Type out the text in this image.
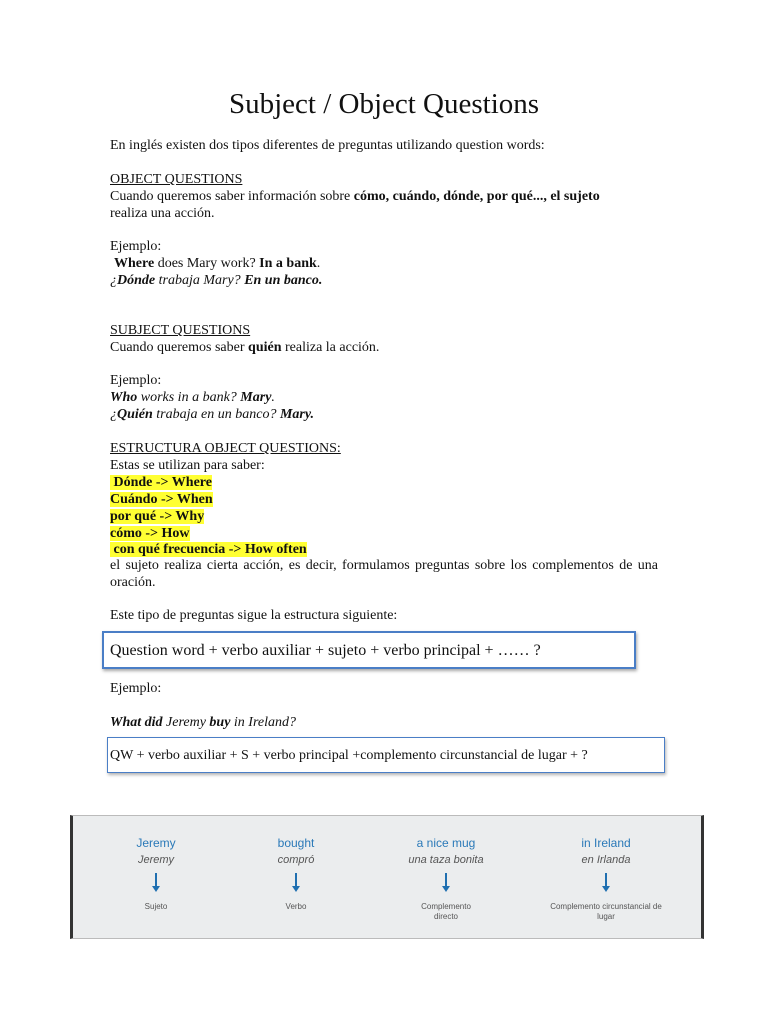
Subject / Object Questions
En inglés existen dos tipos diferentes de preguntas utilizando question words:
OBJECT QUESTIONS
Cuando queremos saber información sobre cómo, cuándo, dónde, por qué..., el sujeto
realiza una acción.
Ejemplo:
Where does Mary work? In a bank.
¿Dónde trabaja Mary? En un banco.
SUBJECT QUESTIONS
Cuando queremos saber quién realiza la acción.
Ejemplo:
Who works in a bank? Mary.
¿Quién trabaja en un banco? Mary.
ESTRUCTURA OBJECT QUESTIONS:
Estas se utilizan para saber:
Dónde -> Where
Cuándo -> When
por qué -> Why
cómo -> How
con qué frecuencia -> How often
el sujeto realiza cierta acción, es decir, formulamos preguntas sobre los complementos de una oración.
Este tipo de preguntas sigue la estructura siguiente:
Question word + verbo auxiliar + sujeto + verbo principal + …… ?
Ejemplo:
What did Jeremy buy in Ireland?
QW + verbo auxiliar + S + verbo principal +complemento circunstancial de lugar + ?
Jeremy
Jeremy
Sujeto
bought
compró
Verbo
a nice mug
una taza bonita
Complemento directo
in Ireland
en Irlanda
Complemento circunstancial de lugar
